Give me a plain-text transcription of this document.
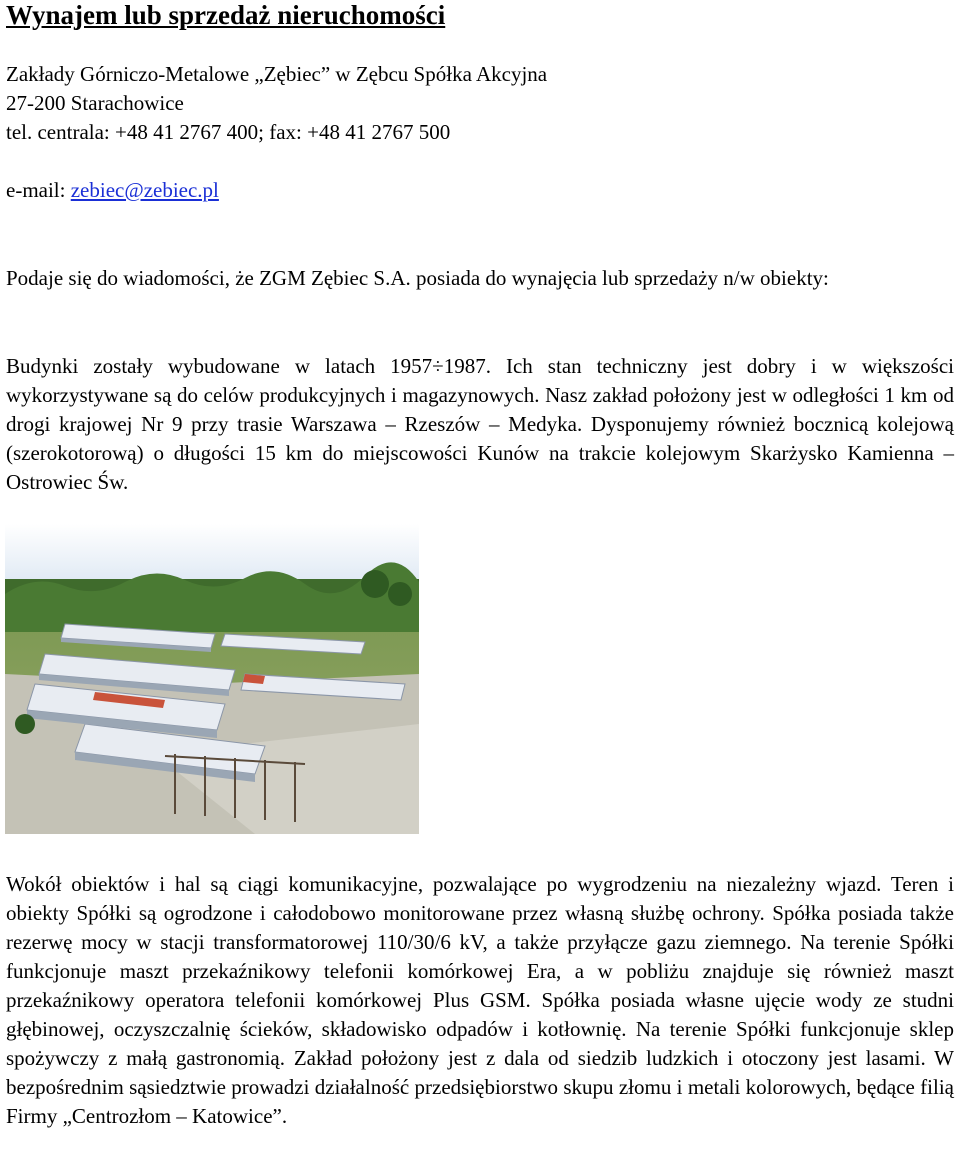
Wynajem lub sprzedaż nieruchomości
Zakłady Górniczo-Metalowe „Zębiec” w Zębcu Spółka Akcyjna
27-200 Starachowice
tel. centrala: +48 41 2767 400; fax: +48 41 2767 500
e-mail: zebiec@zebiec.pl

Podaje się do wiadomości, że ZGM Zębiec S.A. posiada do wynajęcia lub sprzedaży n/w obiekty:

Budynki zostały wybudowane w latach 1957÷1987. Ich stan techniczny jest dobry i w większości wykorzystywane są do celów produkcyjnych i magazynowych. Nasz zakład położony jest w odległości 1 km od drogi krajowej Nr 9 przy trasie Warszawa – Rzeszów – Medyka. Dysponujemy również bocznicą kolejową (szerokotorową) o długości 15 km do miejscowości Kunów na trakcie kolejowym Skarżysko Kamienna – Ostrowiec Św.

Wokół obiektów i hal są ciągi komunikacyjne, pozwalające po wygrodzeniu na niezależny wjazd. Teren i obiekty Spółki są ogrodzone i całodobowo monitorowane przez własną służbę ochrony. Spółka posiada także rezerwę mocy w stacji transformatorowej 110/30/6 kV, a także przyłącze gazu ziemnego. Na terenie Spółki funkcjonuje maszt przekaźnikowy telefonii komórkowej Era, a w pobliżu znajduje się również maszt przekaźnikowy operatora telefonii komórkowej Plus GSM. Spółka posiada własne ujęcie wody ze studni głębinowej, oczyszczalnię ścieków, składowisko odpadów i kotłownię. Na terenie Spółki funkcjonuje sklep spożywczy z małą gastronomią. Zakład położony jest z dala od siedzib ludzkich i otoczony jest lasami. W bezpośrednim sąsiedztwie prowadzi działalność przedsiębiorstwo skupu złomu i metali kolorowych, będące filią Firmy „Centrozłom – Katowice”.
